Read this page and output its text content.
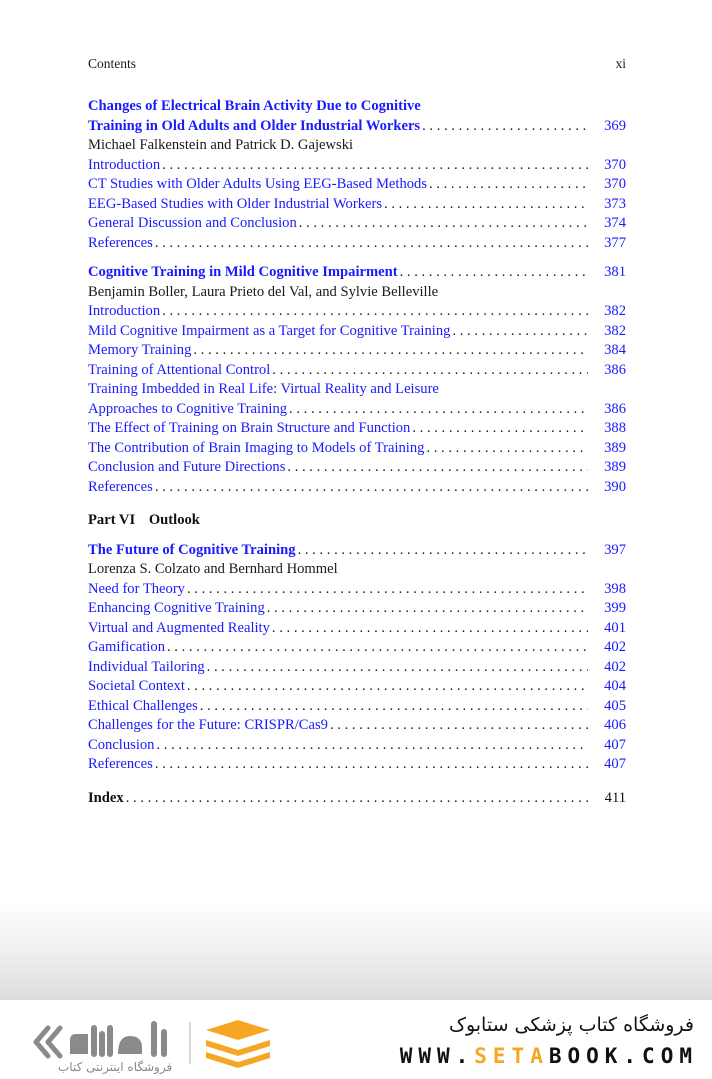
Contents	xi
Changes of Electrical Brain Activity Due to Cognitive
Training in Old Adults and Older Industrial Workers . . .	369
Michael Falkenstein and Patrick D. Gajewski
Introduction . . .	370
CT Studies with Older Adults Using EEG-Based Methods . . .	370
EEG-Based Studies with Older Industrial Workers . . .	373
General Discussion and Conclusion . . .	374
References . . .	377
Cognitive Training in Mild Cognitive Impairment . . .	381
Benjamin Boller, Laura Prieto del Val, and Sylvie Belleville
Introduction . . .	382
Mild Cognitive Impairment as a Target for Cognitive Training . . .	382
Memory Training . . .	384
Training of Attentional Control . . .	386
Training Imbedded in Real Life: Virtual Reality and Leisure
Approaches to Cognitive Training . . .	386
The Effect of Training on Brain Structure and Function . . .	388
The Contribution of Brain Imaging to Models of Training . . .	389
Conclusion and Future Directions . . .	389
References . . .	390
Part VI Outlook
The Future of Cognitive Training . . .	397
Lorenza S. Colzato and Bernhard Hommel
Need for Theory . . .	398
Enhancing Cognitive Training . . .	399
Virtual and Augmented Reality . . .	401
Gamification . . .	402
Individual Tailoring . . .	402
Societal Context . . .	404
Ethical Challenges . . .	405
Challenges for the Future: CRISPR/Cas9 . . .	406
Conclusion . . .	407
References . . .	407
Index . . .	411
فروشگاه اینترنتی کتاب
فروشگاه کتاب پزشکی ستابوک
WWW.SETABOOK.COM
